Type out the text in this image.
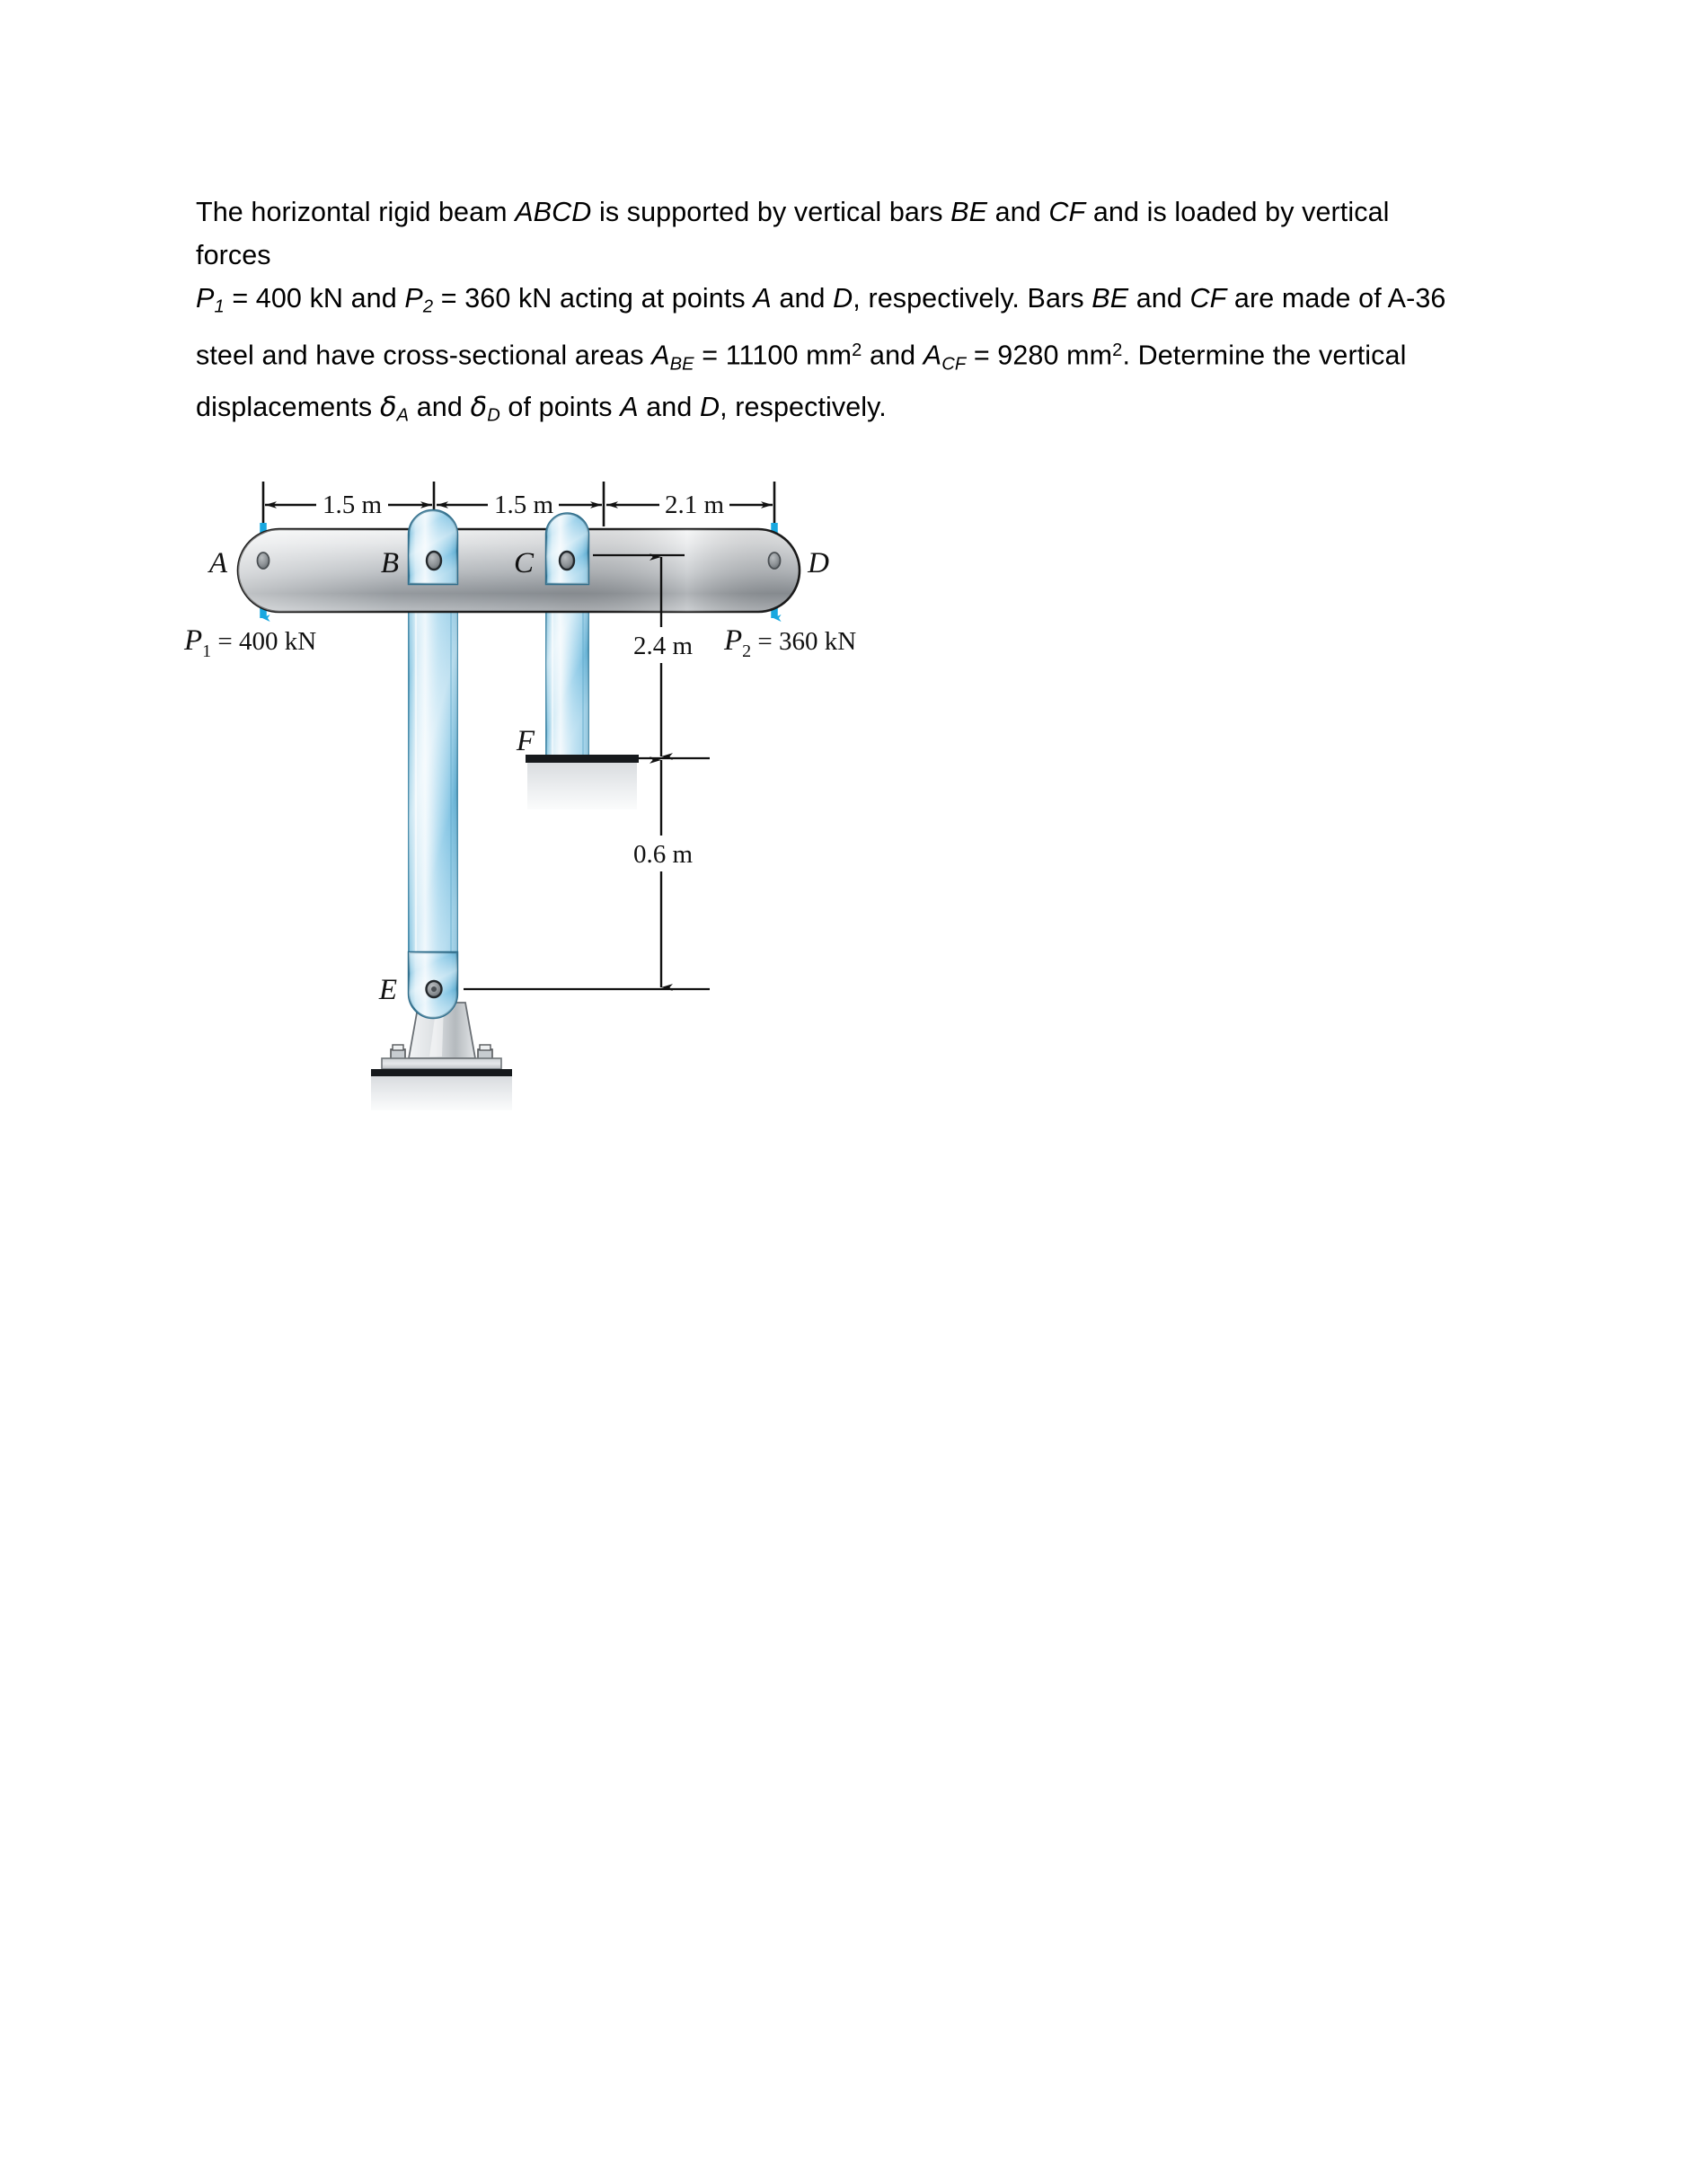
The horizontal rigid beam ABCD is supported by vertical bars BE and CF and is loaded by vertical forces

$P_1 = 400$ kN and $P_2 = 360$ kN acting at points A and D, respectively. Bars BE and CF are made of A-36

steel and have cross-sectional areas $A_{BE} = 11100$ $mm^2$ and $A_{CF} = 9280$ $mm^2$. Determine the vertical

displacements $\delta_A$ and $\delta_D$ of points A and D, respectively.

1.5 m	1.5 m	2.1 m
2.4 m
0.6 m
A	B	C	D
F
E
P1 = 400 kN	P2 = 360 kN
